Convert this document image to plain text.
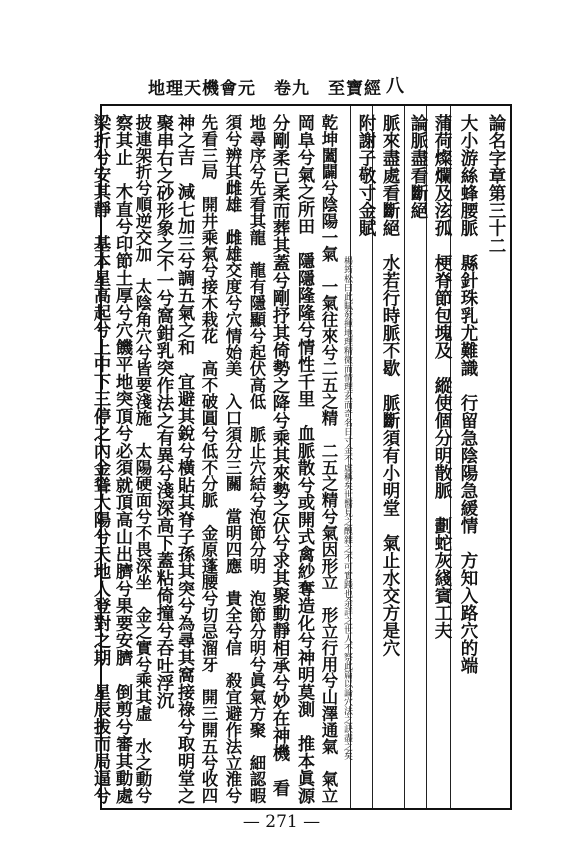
地理天機會元　卷九　至寶經 八
論名字章第三十二
大小游絲蜂腰脈　縣針珠乳尤難識　行留急陰陽急緩情　方知入路穴的端
蒲荷燦爛及泫孤　梗脊節包塊及　縱使個分明散脈　劃蛇灰綫賓工夫
論脈盡看斷絕
脈來盡處看斷絕　水若行時脈不歇　脈斷須有小明堂　氣止水交方是穴
附謝子敬寸金賦
楊筠松曰此賦發揮地理精微而情理玄而奇名日寸金不虛稱矣世醫見之醜雜之不可實踐也余詳之世人不察此篇以論穴法之訣盡之矣
乾坤闔闢兮陰陽一氣　一氣往來兮二五之精　二五之精兮氣因形立　形立行用兮山澤通氣　氣立
岡阜兮氣之所田　隱隱隆隆兮情性千里　血脈散兮或開式禽紗奪造化兮神明莫測　推本眞源
分剛柔已柔而葬其蓋兮剛抒其倚勢之降兮乘其來勢之伏兮求其聚動靜相承兮妙在神機　看
地尋序兮先看其龍　龍有隱顯兮起伏高低　脈止穴結兮泡節分明　泡節分明兮眞氣方聚　細認暇
須兮辨其雌雄　雌雄交度兮穴情始美　入口須分三關　當明四應　貴全兮信　殺宜避作法立淮兮
先看三局　開井乘氣兮接木栽花　高不破圓兮低不分脈　金原蓬腰兮切忌溜牙　開三開五兮收四
神之吉　減七加三兮調五氣之和　宜避其銳兮橫貼其脊子孫其突兮為尋其窩接祿兮取明堂之
聚串右之砂形象之不一兮窩鉗乳突作法之有異兮淺深高下蓋粘倚撞兮吞吐浮沉
披連架折兮順逆交加　太陰角穴兮皆要淺施　太陽硬面兮不畏深坐　金之實兮乘其虛　水之動兮
察其止　木直兮印節土厚兮穴饑平地突頂兮必須就頂高山出臍兮果要安臍　倒剪兮審其動處
梁折兮安其靜　基本星高起兮上中下三停之內金聳大陽兮天地人登對之期　星辰拔而局逼兮
— 271 —
